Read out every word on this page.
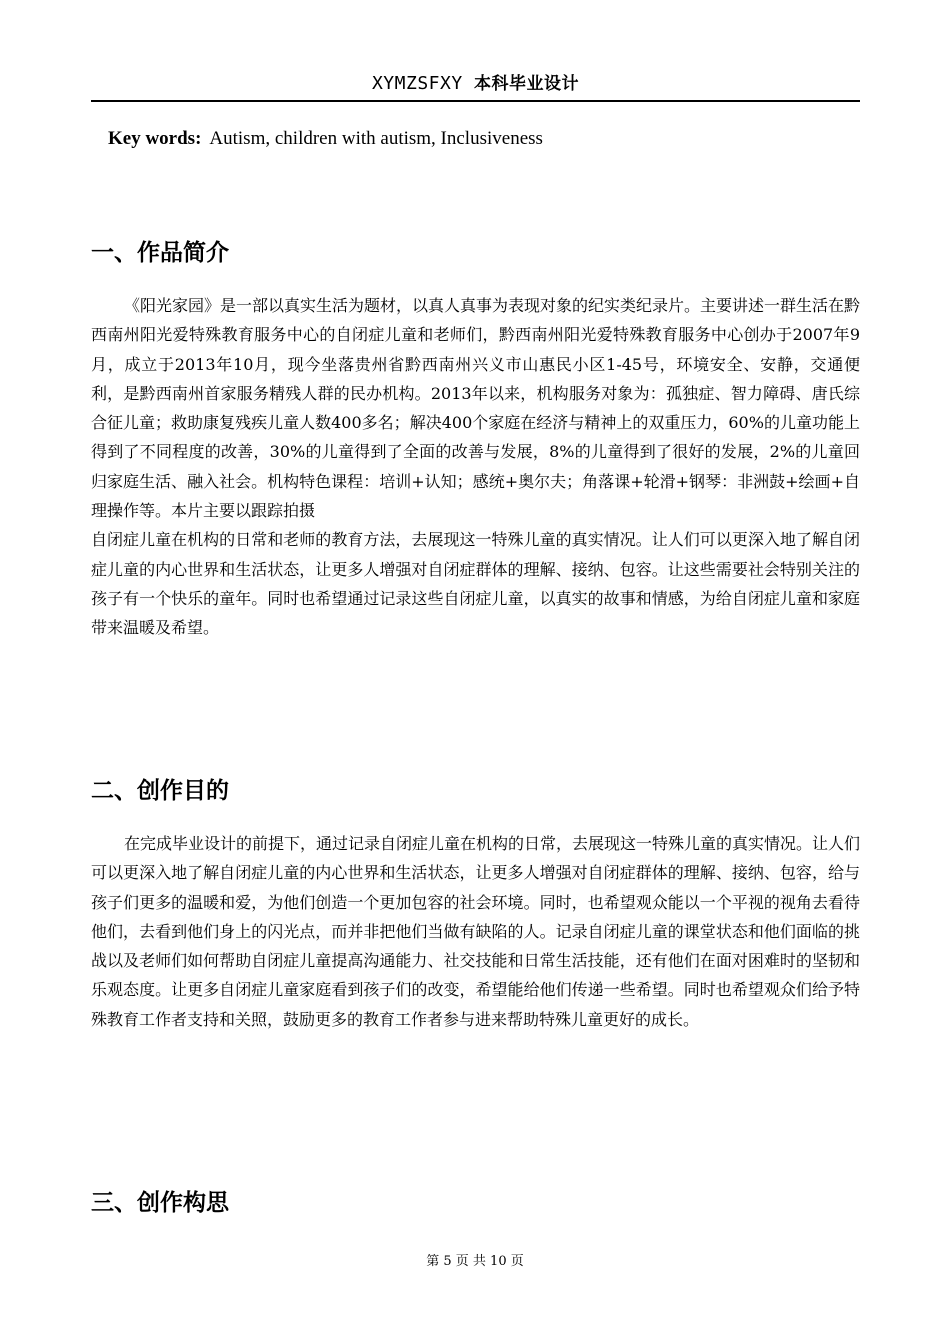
XYMZSFXY 本科毕业设计
Key words: Autism, children with autism, Inclusiveness
一、作品简介

《阳光家园》是一部以真实生活为题材，以真人真事为表现对象的纪实类纪录片。主要讲述一群生活在黔西南州阳光爱特殊教育服务中心的自闭症儿童和老师们，黔西南州阳光爱特殊教育服务中心创办于2007年9月，成立于2013年10月，现今坐落贵州省黔西南州兴义市山惠民小区1-45号，环境安全、安静，交通便利，是黔西南州首家服务精残人群的民办机构。2013年以来，机构服务对象为：孤独症、智力障碍、唐氏综合征儿童；救助康复残疾儿童人数400多名；解决400个家庭在经济与精神上的双重压力，60%的儿童功能上得到了不同程度的改善，30%的儿童得到了全面的改善与发展，8%的儿童得到了很好的发展，2%的儿童回归家庭生活、融入社会。机构特色课程：培训+认知；感统+奥尔夫；角落课+轮滑+钢琴：非洲鼓+绘画+自理操作等。本片主要以跟踪拍摄

自闭症儿童在机构的日常和老师的教育方法，去展现这一特殊儿童的真实情况。让人们可以更深入地了解自闭症儿童的内心世界和生活状态，让更多人增强对自闭症群体的理解、接纳、包容。让这些需要社会特别关注的孩子有一个快乐的童年。同时也希望通过记录这些自闭症儿童，以真实的故事和情感，为给自闭症儿童和家庭带来温暖及希望。

二、创作目的

在完成毕业设计的前提下，通过记录自闭症儿童在机构的日常，去展现这一特殊儿童的真实情况。让人们可以更深入地了解自闭症儿童的内心世界和生活状态，让更多人增强对自闭症群体的理解、接纳、包容，给与孩子们更多的温暖和爱，为他们创造一个更加包容的社会环境。同时，也希望观众能以一个平视的视角去看待他们，去看到他们身上的闪光点，而并非把他们当做有缺陷的人。记录自闭症儿童的课堂状态和他们面临的挑战以及老师们如何帮助自闭症儿童提高沟通能力、社交技能和日常生活技能，还有他们在面对困难时的坚韧和乐观态度。让更多自闭症儿童家庭看到孩子们的改变，希望能给他们传递一些希望。同时也希望观众们给予特殊教育工作者支持和关照，鼓励更多的教育工作者参与进来帮助特殊儿童更好的成长。

三、创作构思
第 5 页 共 10 页
